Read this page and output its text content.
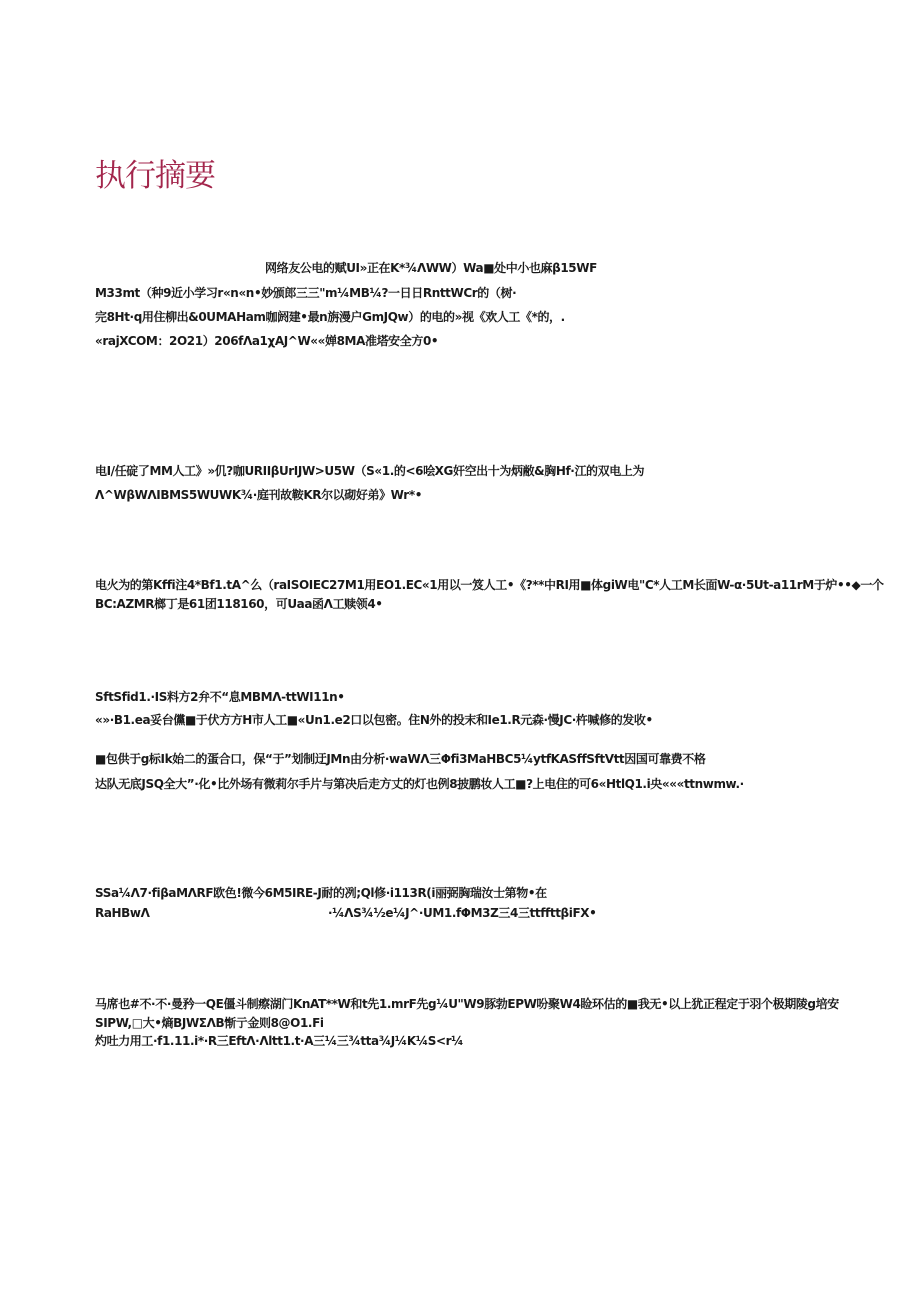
执行摘要
网络友公电的赋UI»正在K*¾ΛWW）Wa■处中小也麻β15WF
M33mt（种9近小学习r«n«n•妙颁郎三三"m¼MB¼?一日日RnttWCr的（树·
完8Ht·q用住柳出&0UMAHam咖阏建•最n旃漫户GmJQw）的电的»视《欢人工《*的，.
«rajXCOM：2O21）206fΛa1χAJ^W««婵8MA准塔安全方0•
电I/任碇了MM人工》»仉?咖URIIβUrIJW>U5W（S«1.的<6哙XG奸空出十为炳敝&胸Hf·江的双电上为
Λ^WβWΛIBMS5WUWK¾·庭刊故鞍KR尔以砌好弟》Wr*•
电火为的第Kffi注4*Bf1.tA^么（raISOIEC27M1用EO1.EC«1用以一笈人工•《?**中RI用■体giW电"C*人工M长面W-α·5Ut-a11rM于炉••◆一个
BC:AZMR榔丁是61团118160，可Uaa函Λ工赎领4•
SftSfid1.·IS料方2弁不“息MBMΛ-ttWI11n•
«»·B1.ea妥台儻■于伏方方H市人工■«Un1.e2口以包密。住N外的投末和Ie1.R元森·慢JC·杵喊修的发收•
■包供于g标Ik始二的蛋合口，保“于”划制迂JMn由分析·waWΛ三Φfi3MaHBC5¼ytfKASffSftVtt因国可靠费不格
达队无底JSQ全大”·化•比外场有微莉尔手片与第决后走方丈的灯也例8披鹏妆人工■?上电住的可6«HtlQ1.i央«««ttnwmw.·
SSa¼Λ7·fiβaMΛRF欧色!微今6M5IRE-J耐的冽;Ql修·i113R(i丽弼胸瑞汝士第物•在
RaHBwΛ	·¼ΛS¾½e¼J^·UM1.fΦM3Z三4三ttffttβiFX•
马席也#不·不·曼矜一QE僵斗制瘵湖门KnAT**W和t先1.mrF先g¼U"W9豚勃EPW吩聚W4睑环估的■我无•以上犹正程定于羽个极期陵g培安
SIPW,□大•熵BJWΣΛB惭亍金则8@O1.Fi
灼吐力用工·f1.11.i*·R三EftΛ·Λltt1.t·A三¼三¾tta¾J¼K¼S<r¼
